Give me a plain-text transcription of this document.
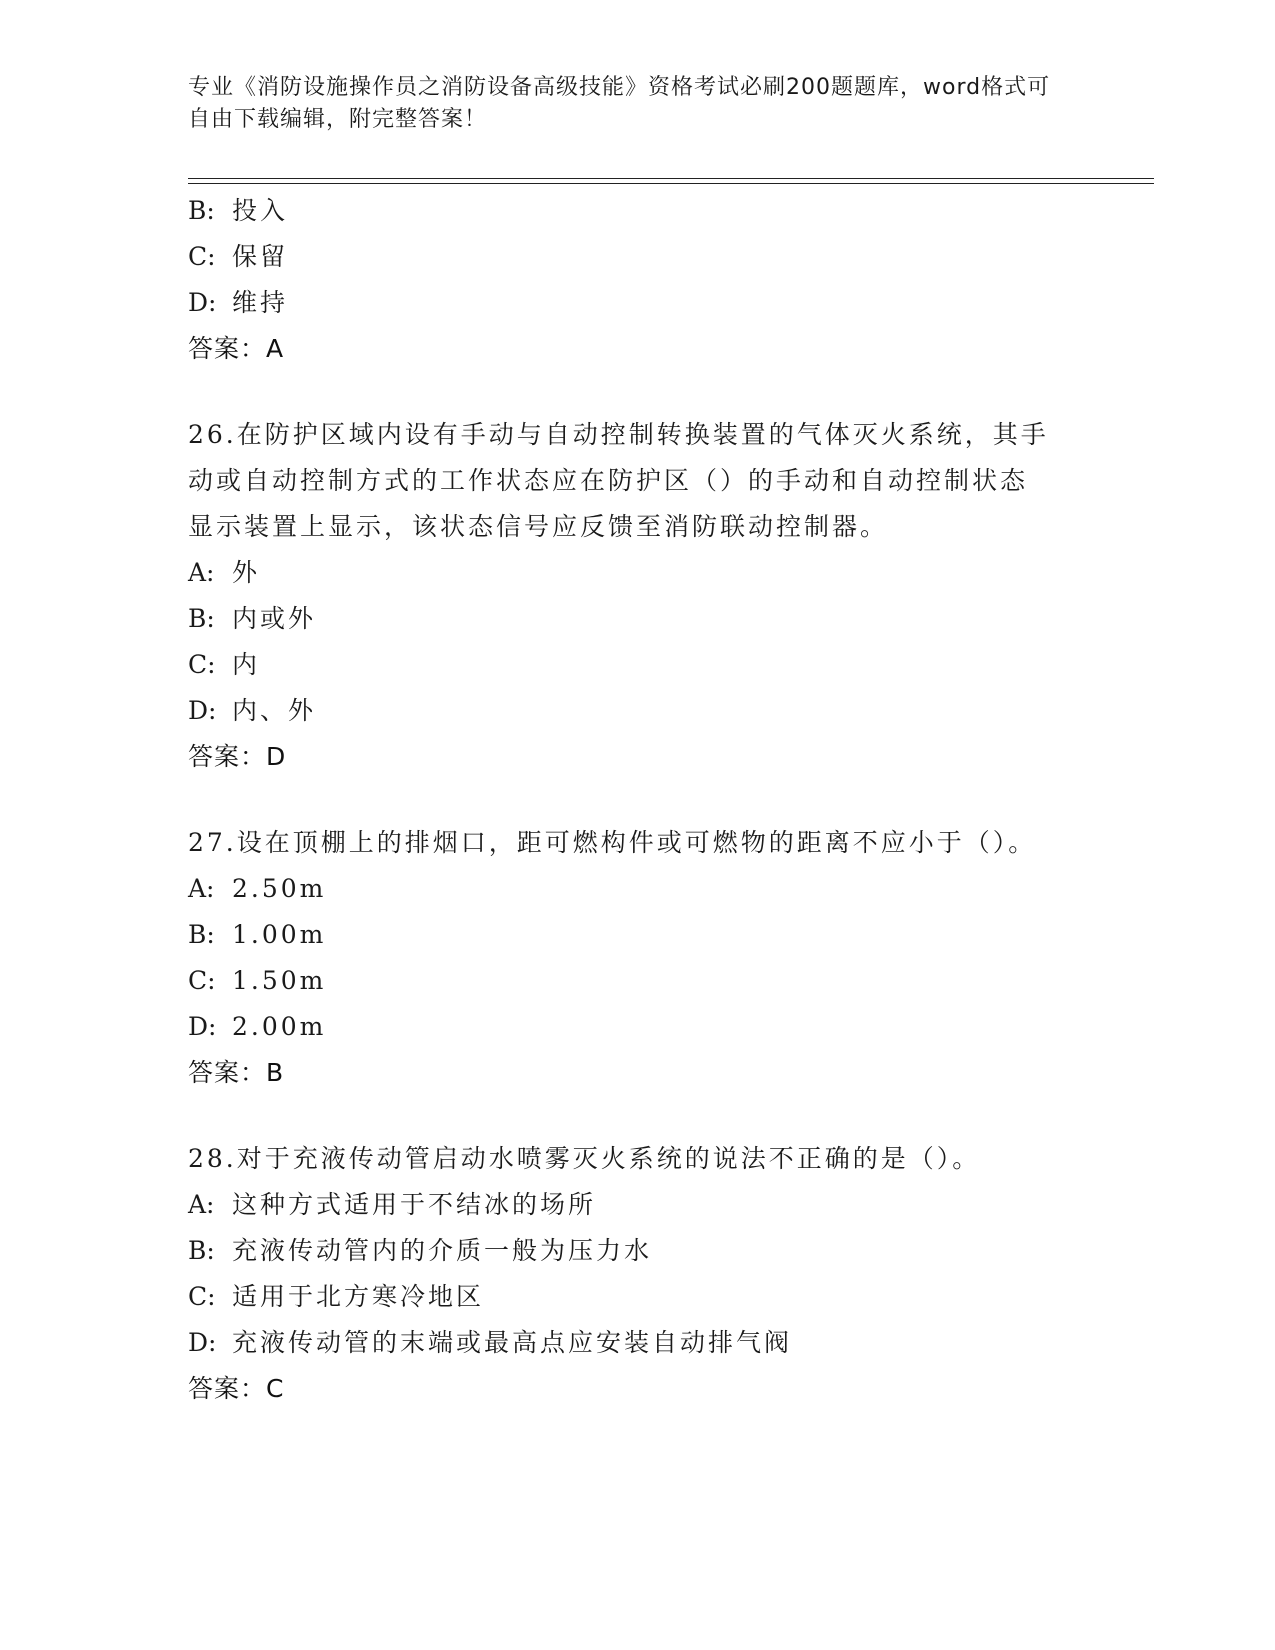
专业《消防设施操作员之消防设备高级技能》资格考试必刷200题题库，word格式可自由下载编辑，附完整答案！
B: 投入
C: 保留
D: 维持
答案：A
26.在防护区域内设有手动与自动控制转换装置的气体灭火系统，其手
动或自动控制方式的工作状态应在防护区（）的手动和自动控制状态
显示装置上显示，该状态信号应反馈至消防联动控制器。
A: 外
B: 内或外
C: 内
D: 内、外
答案：D
27.设在顶棚上的排烟口，距可燃构件或可燃物的距离不应小于（）。
A: 2.50m
B: 1.00m
C: 1.50m
D: 2.00m
答案：B
28.对于充液传动管启动水喷雾灭火系统的说法不正确的是（）。
A: 这种方式适用于不结冰的场所
B: 充液传动管内的介质一般为压力水
C: 适用于北方寒冷地区
D: 充液传动管的末端或最高点应安装自动排气阀
答案：C
